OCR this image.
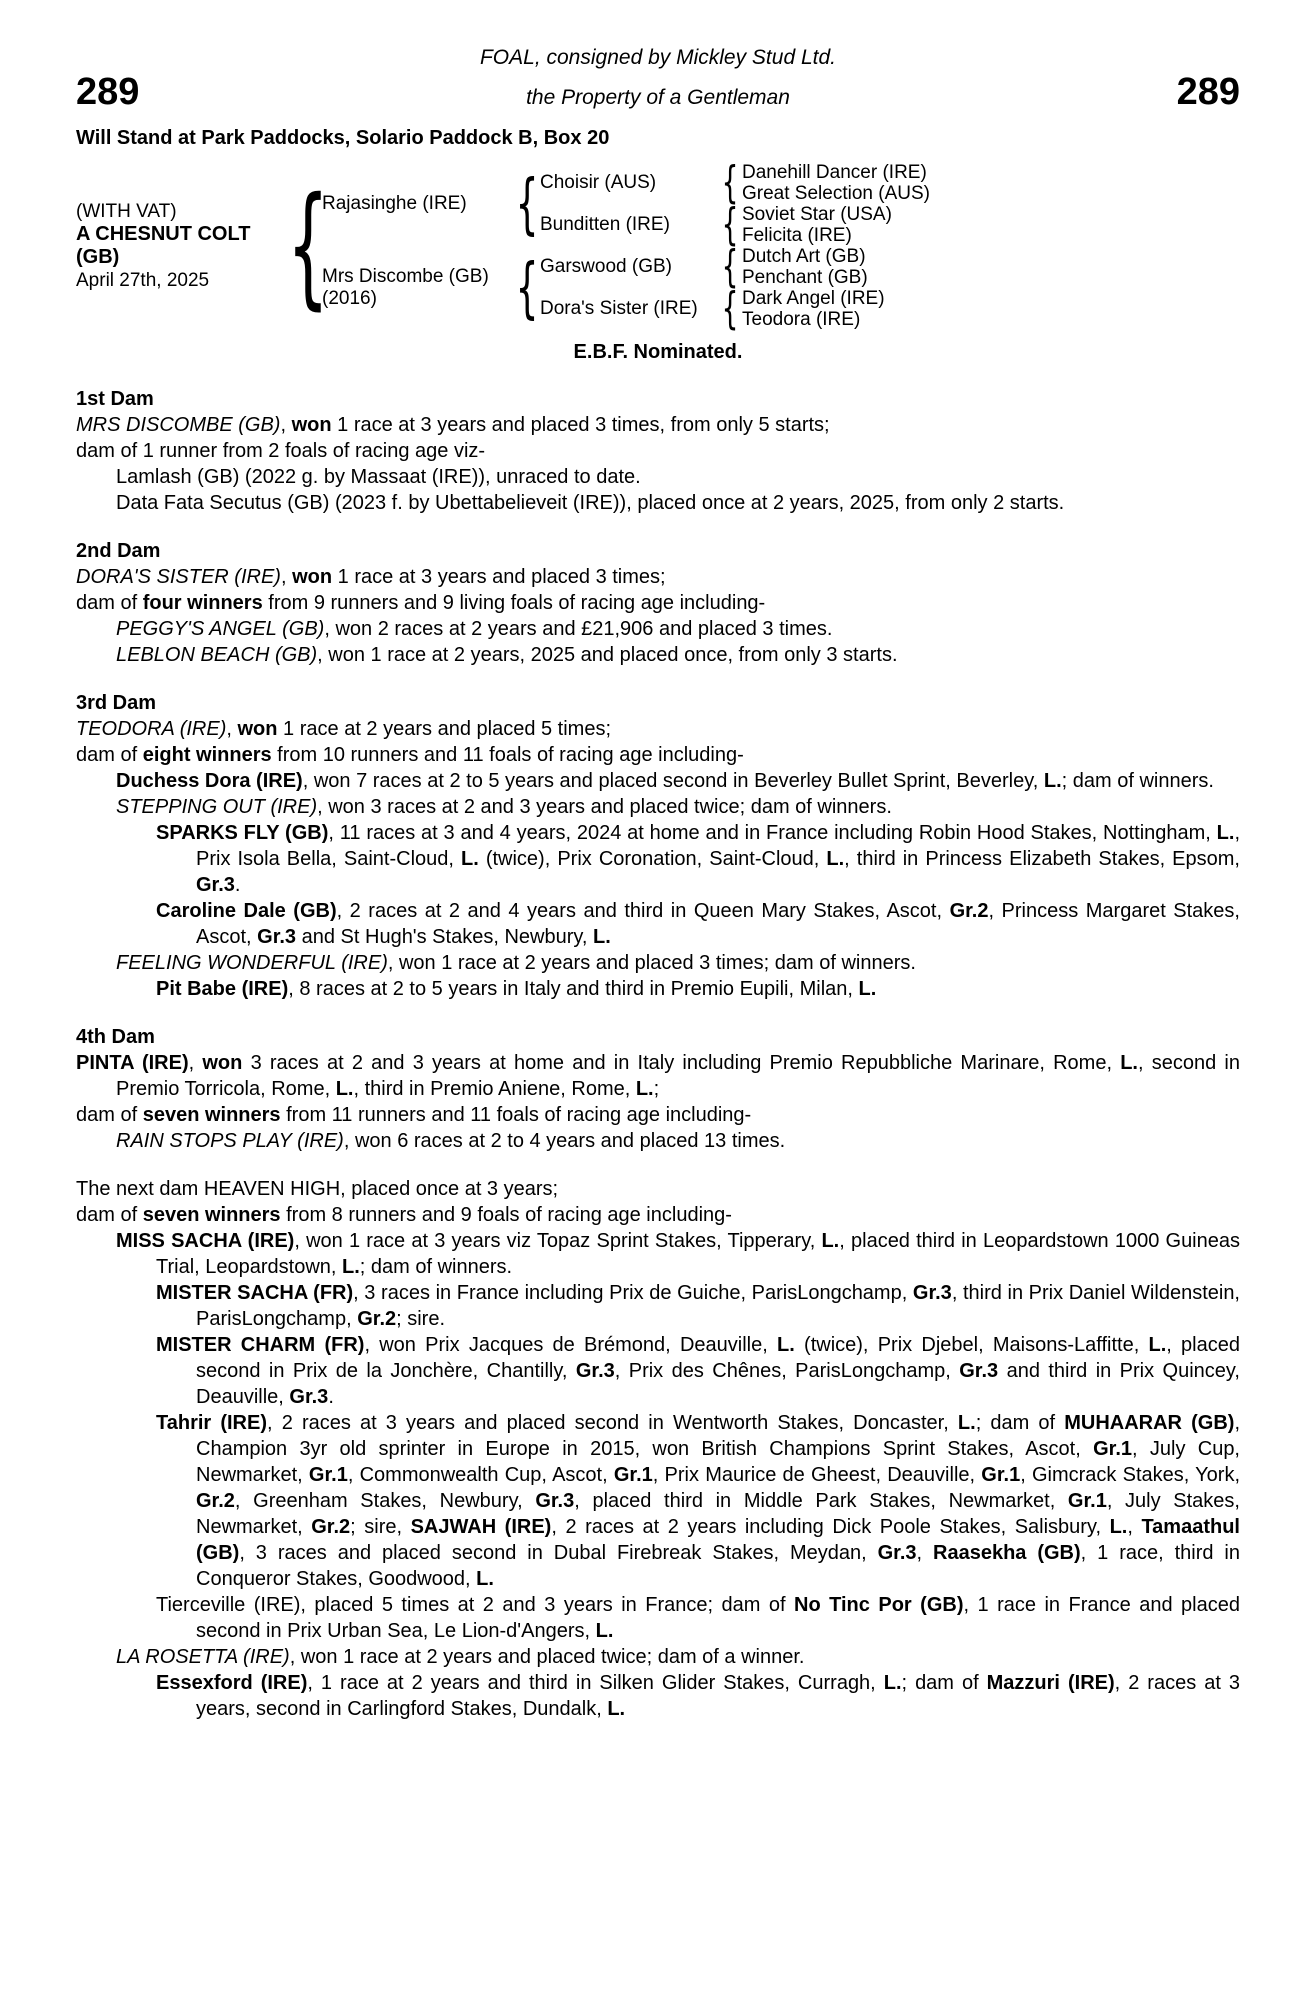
FOAL, consigned by Mickley Stud Ltd.
289	the Property of a Gentleman	289
Will Stand at Park Paddocks, Solario Paddock B, Box 20
(WITH VAT)
A CHESNUT COLT
(GB)
April 27th, 2025 {
Rajasinghe (IRE) { Choisir (AUS)	{ Danehill Dancer (IRE)
Great Selection (AUS)
Bunditten (IRE)	{ Soviet Star (USA)
Felicita (IRE)
Mrs Discombe (GB)
(2016)	{ Garswood (GB)	{ Dutch Art (GB)
Penchant (GB)
Dora's Sister (IRE) { Dark Angel (IRE)
Teodora (IRE)
E.B.F. Nominated.
1st Dam
MRS DISCOMBE (GB), won 1 race at 3 years and placed 3 times, from only 5 starts;
dam of 1 runner from 2 foals of racing age viz-
Lamlash (GB) (2022 g. by Massaat (IRE)), unraced to date.
Data Fata Secutus (GB) (2023 f. by Ubettabelieveit (IRE)), placed once at 2 years, 2025, from only 2 starts.
2nd Dam
DORA'S SISTER (IRE), won 1 race at 3 years and placed 3 times;
dam of four winners from 9 runners and 9 living foals of racing age including-
PEGGY'S ANGEL (GB), won 2 races at 2 years and £21,906 and placed 3 times.
LEBLON BEACH (GB), won 1 race at 2 years, 2025 and placed once, from only 3 starts.
3rd Dam
TEODORA (IRE), won 1 race at 2 years and placed 5 times;
dam of eight winners from 10 runners and 11 foals of racing age including-
Duchess Dora (IRE), won 7 races at 2 to 5 years and placed second in Beverley Bullet Sprint, Beverley, L.; dam of winners.
STEPPING OUT (IRE), won 3 races at 2 and 3 years and placed twice; dam of winners.
SPARKS FLY (GB), 11 races at 3 and 4 years, 2024 at home and in France including Robin Hood Stakes, Nottingham, L., Prix Isola Bella, Saint-Cloud, L. (twice), Prix Coronation, Saint-Cloud, L., third in Princess Elizabeth Stakes, Epsom, Gr.3.
Caroline Dale (GB), 2 races at 2 and 4 years and third in Queen Mary Stakes, Ascot, Gr.2, Princess Margaret Stakes, Ascot, Gr.3 and St Hugh's Stakes, Newbury, L.
FEELING WONDERFUL (IRE), won 1 race at 2 years and placed 3 times; dam of winners.
Pit Babe (IRE), 8 races at 2 to 5 years in Italy and third in Premio Eupili, Milan, L.
4th Dam
PINTA (IRE), won 3 races at 2 and 3 years at home and in Italy including Premio Repubbliche Marinare, Rome, L., second in Premio Torricola, Rome, L., third in Premio Aniene, Rome, L.;
dam of seven winners from 11 runners and 11 foals of racing age including-
RAIN STOPS PLAY (IRE), won 6 races at 2 to 4 years and placed 13 times.
The next dam HEAVEN HIGH, placed once at 3 years;
dam of seven winners from 8 runners and 9 foals of racing age including-
MISS SACHA (IRE), won 1 race at 3 years viz Topaz Sprint Stakes, Tipperary, L., placed third in Leopardstown 1000 Guineas Trial, Leopardstown, L.; dam of winners.
MISTER SACHA (FR), 3 races in France including Prix de Guiche, ParisLongchamp, Gr.3, third in Prix Daniel Wildenstein, ParisLongchamp, Gr.2; sire.
MISTER CHARM (FR), won Prix Jacques de Brémond, Deauville, L. (twice), Prix Djebel, Maisons-Laffitte, L., placed second in Prix de la Jonchère, Chantilly, Gr.3, Prix des Chênes, ParisLongchamp, Gr.3 and third in Prix Quincey, Deauville, Gr.3.
Tahrir (IRE), 2 races at 3 years and placed second in Wentworth Stakes, Doncaster, L.; dam of MUHAARAR (GB), Champion 3yr old sprinter in Europe in 2015, won British Champions Sprint Stakes, Ascot, Gr.1, July Cup, Newmarket, Gr.1, Commonwealth Cup, Ascot, Gr.1, Prix Maurice de Gheest, Deauville, Gr.1, Gimcrack Stakes, York, Gr.2, Greenham Stakes, Newbury, Gr.3, placed third in Middle Park Stakes, Newmarket, Gr.1, July Stakes, Newmarket, Gr.2; sire, SAJWAH (IRE), 2 races at 2 years including Dick Poole Stakes, Salisbury, L., Tamaathul (GB), 3 races and placed second in Dubal Firebreak Stakes, Meydan, Gr.3, Raasekha (GB), 1 race, third in Conqueror Stakes, Goodwood, L.
Tierceville (IRE), placed 5 times at 2 and 3 years in France; dam of No Tinc Por (GB), 1 race in France and placed second in Prix Urban Sea, Le Lion-d'Angers, L.
LA ROSETTA (IRE), won 1 race at 2 years and placed twice; dam of a winner.
Essexford (IRE), 1 race at 2 years and third in Silken Glider Stakes, Curragh, L.; dam of Mazzuri (IRE), 2 races at 3 years, second in Carlingford Stakes, Dundalk, L.
